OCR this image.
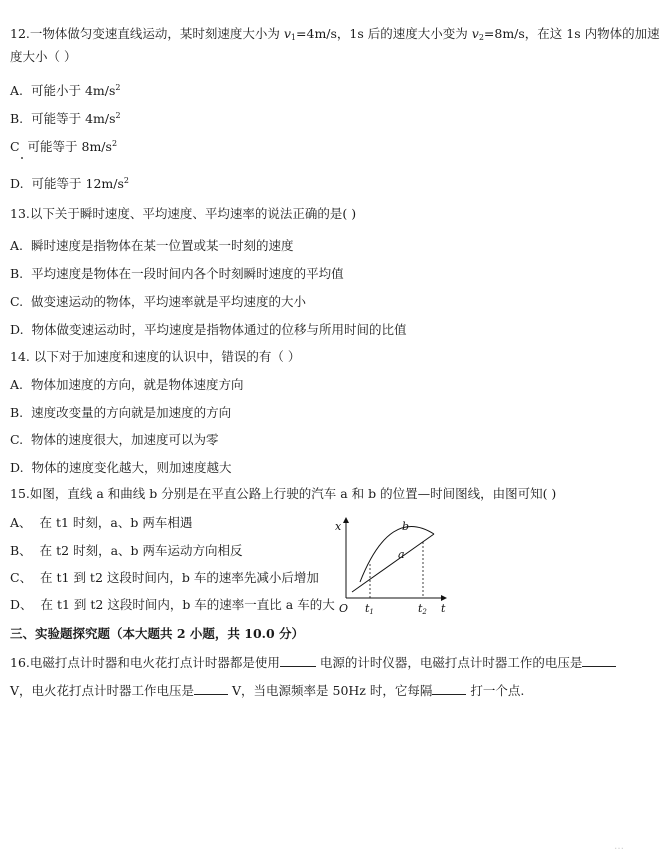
12.一物体做匀变速直线运动，某时刻速度大小为 $v_1=4m/s$，1s 后的速度大小变为 $v_2=8m/s$，在这 1s 内物体的加速
度大小（ ）
A. 可能小于 $4m/s^2$
B. 可能等于 $4m/s^2$
C 可能等于 $8m/s^2$
D. 可能等于 $12m/s^2$
13.以下关于瞬时速度、平均速度、平均速率的说法正确的是( )
A. 瞬时速度是指物体在某一位置或某一时刻的速度
B. 平均速度是物体在一段时间内各个时刻瞬时速度的平均值
C. 做变速运动的物体，平均速率就是平均速度的大小
D. 物体做变速运动时，平均速度是指物体通过的位移与所用时间的比值
14. 以下对于加速度和速度的认识中，错误的有（ ）
A. 物体加速度的方向，就是物体速度方向
B. 速度改变量的方向就是加速度的方向
C. 物体的速度很大，加速度可以为零
D. 物体的速度变化越大，则加速度越大
15.如图，直线 a 和曲线 b 分别是在平直公路上行驶的汽车 a 和 b 的位置—时间图线，由图可知( )
A、 在 t1 时刻，a、b 两车相遇
B、 在 t2 时刻，a、b 两车运动方向相反
C、 在 t1 到 t2 这段时间内，b 车的速率先减小后增加
D、 在 t1 到 t2 这段时间内，b 车的速率一直比 a 车的大
x
t
O t1	t2
b
a
三、实验题探究题（本大题共 2 小题，共 10.0 分）
16.电磁打点计时器和电火花打点计时器都是使用	电源的计时仪器，电磁打点计时器工作的电压是
V，电火花打点计时器工作电压是	V，当电源频率是 50Hz 时，它每隔	打一个点.
…
